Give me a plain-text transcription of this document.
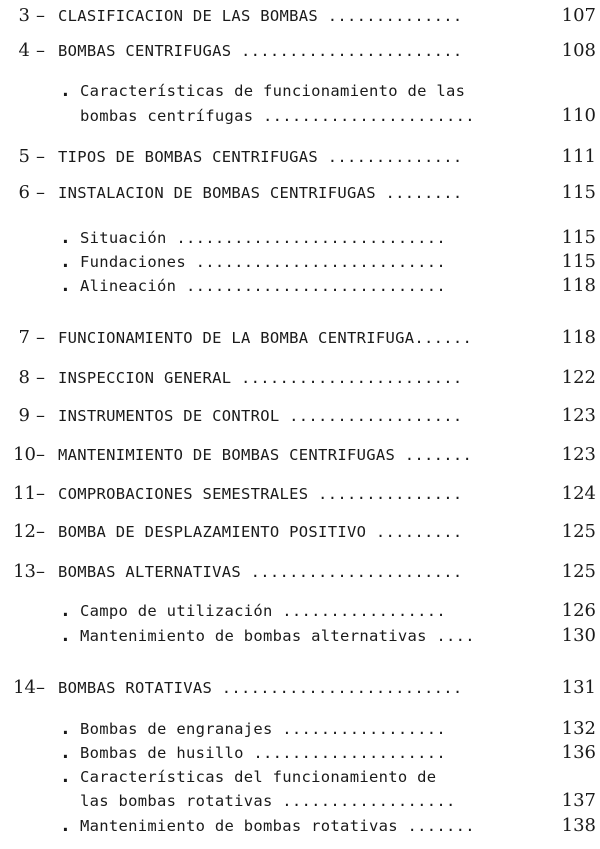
3 – CLASIFICACION DE LAS BOMBAS ..............	107
4 – BOMBAS CENTRIFUGAS .......................	108
. Características de funcionamiento de las
bombas centrífugas ......................	110
5 – TIPOS DE BOMBAS CENTRIFUGAS ..............	111
6 – INSTALACION DE BOMBAS CENTRIFUGAS ........	115
. Situación ............................	115
. Fundaciones ..........................	115
. Alineación ...........................	118
7 – FUNCIONAMIENTO DE LA BOMBA CENTRIFUGA......	118
8 – INSPECCION GENERAL .......................	122
9 – INSTRUMENTOS DE CONTROL ..................	123
10 – MANTENIMIENTO DE BOMBAS CENTRIFUGAS .......	123
11 – COMPROBACIONES SEMESTRALES ...............	124
12 – BOMBA DE DESPLAZAMIENTO POSITIVO .........	125
13 – BOMBAS ALTERNATIVAS ......................	125
. Campo de utilización .................	126
. Mantenimiento de bombas alternativas ....	130
14 – BOMBAS ROTATIVAS .........................	131
. Bombas de engranajes .................	132
. Bombas de husillo ....................	136
. Características del funcionamiento de
las bombas rotativas ..................	137
. Mantenimiento de bombas rotativas .......	138
